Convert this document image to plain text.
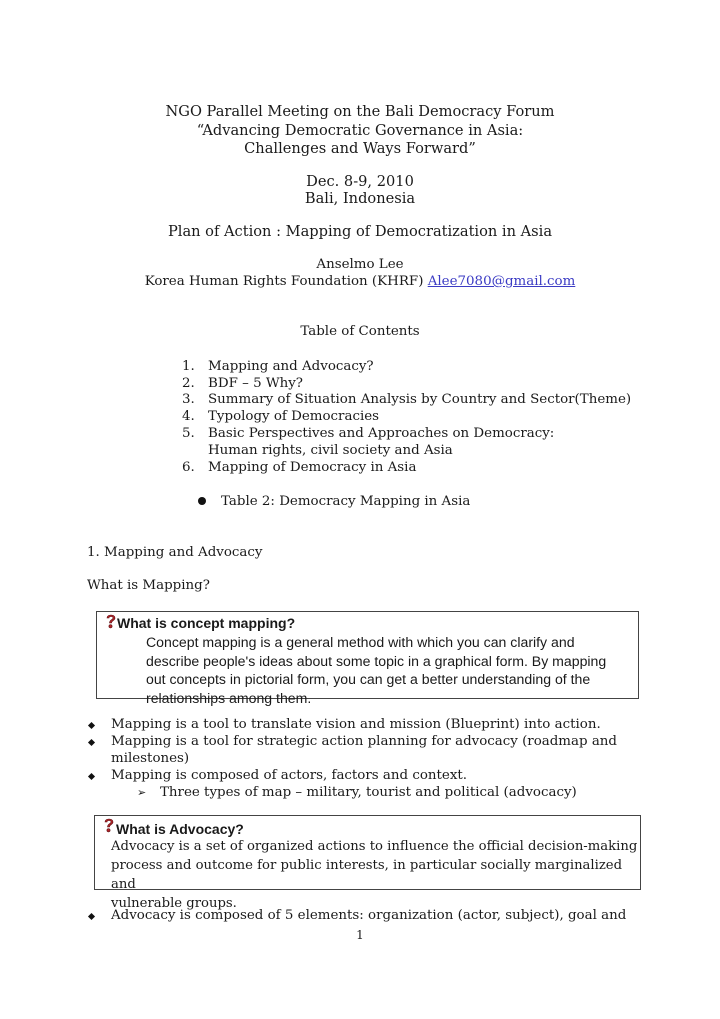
NGO Parallel Meeting on the Bali Democracy Forum
“Advancing Democratic Governance in Asia:
Challenges and Ways Forward”
Dec. 8-9, 2010
Bali, Indonesia
Plan of Action : Mapping of Democratization in Asia
Anselmo Lee
Korea Human Rights Foundation (KHRF) Alee7080@gmail.com
Table of Contents
1. Mapping and Advocacy?
2. BDF – 5 Why?
3. Summary of Situation Analysis by Country and Sector(Theme)
4. Typology of Democracies
5. Basic Perspectives and Approaches on Democracy:
Human rights, civil society and Asia
6. Mapping of Democracy in Asia
Table 2: Democracy Mapping in Asia
1. Mapping and Advocacy
What is Mapping?
What is concept mapping?
Concept mapping is a general method with which you can clarify and
describe people's ideas about some topic in a graphical form. By mapping
out concepts in pictorial form, you can get a better understanding of the
relationships among them.
Mapping is a tool to translate vision and mission (Blueprint) into action.
Mapping is a tool for strategic action planning for advocacy (roadmap and
milestones)
Mapping is composed of actors, factors and context.
➢ Three types of map – military, tourist and political (advocacy)
What is Advocacy?
Advocacy is a set of organized actions to influence the official decision-making
process and outcome for public interests, in particular socially marginalized and
vulnerable groups.
Advocacy is composed of 5 elements: organization (actor, subject), goal and
1
